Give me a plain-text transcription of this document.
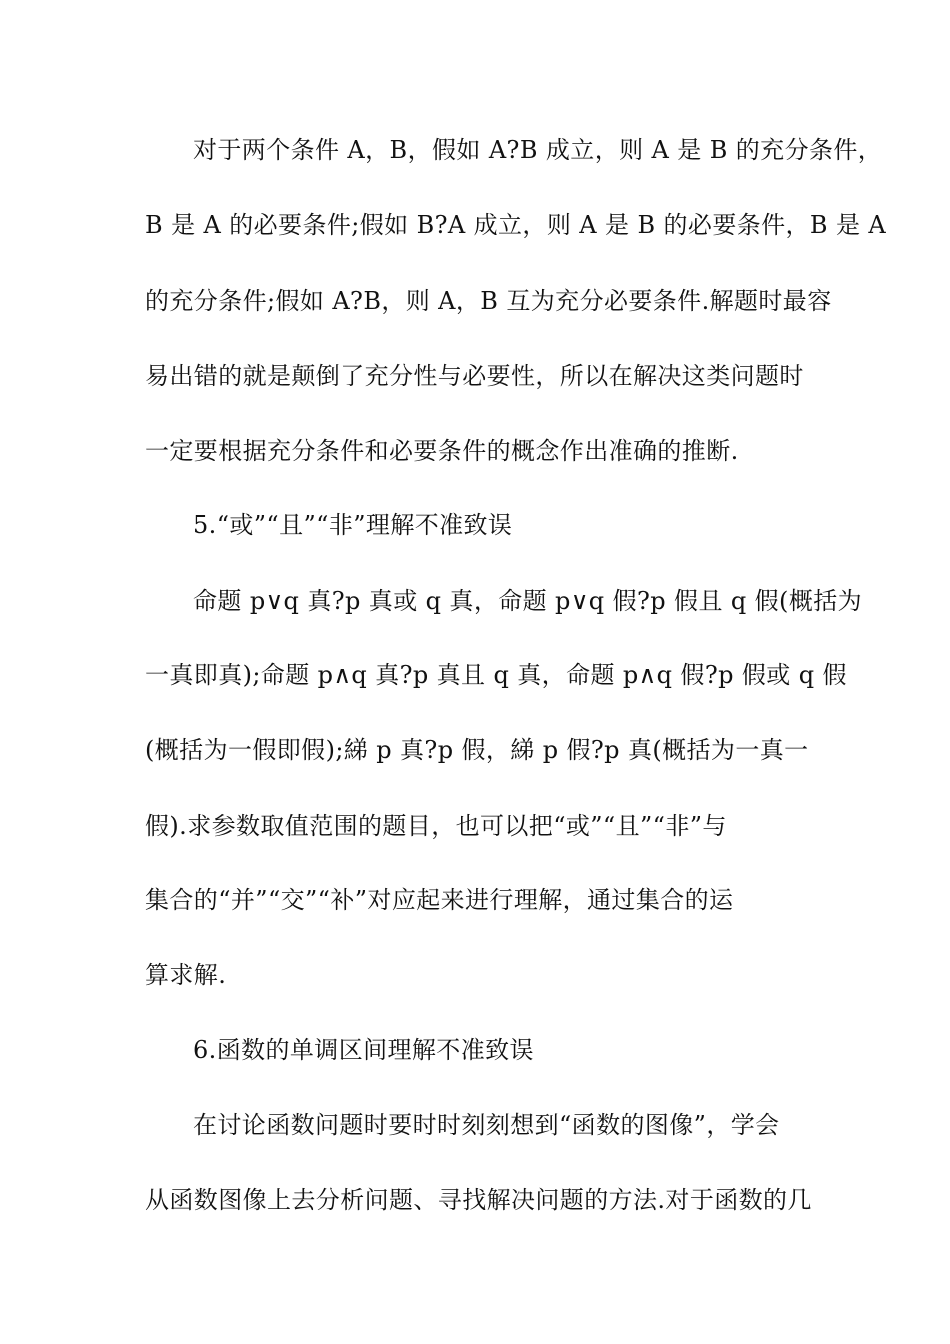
对于两个条件 A，B，假如 A?B 成立，则 A 是 B 的充分条件，
B 是 A 的必要条件;假如 B?A 成立，则 A 是 B 的必要条件，B 是 A
的充分条件;假如 A?B，则 A，B 互为充分必要条件.解题时最容
易出错的就是颠倒了充分性与必要性，所以在解决这类问题时
一定要根据充分条件和必要条件的概念作出准确的推断.
5.“或”“且”“非”理解不准致误
命题 p∨q 真?p 真或 q 真，命题 p∨q 假?p 假且 q 假(概括为
一真即真);命题 p∧q 真?p 真且 q 真，命题 p∧q 假?p 假或 q 假
(概括为一假即假);綈 p 真?p 假，綈 p 假?p 真(概括为一真一
假).求参数取值范围的题目，也可以把“或”“且”“非”与
集合的“并”“交”“补”对应起来进行理解，通过集合的运
算求解.
6.函数的单调区间理解不准致误
在讨论函数问题时要时时刻刻想到“函数的图像”，学会
从函数图像上去分析问题、寻找解决问题的方法.对于函数的几
